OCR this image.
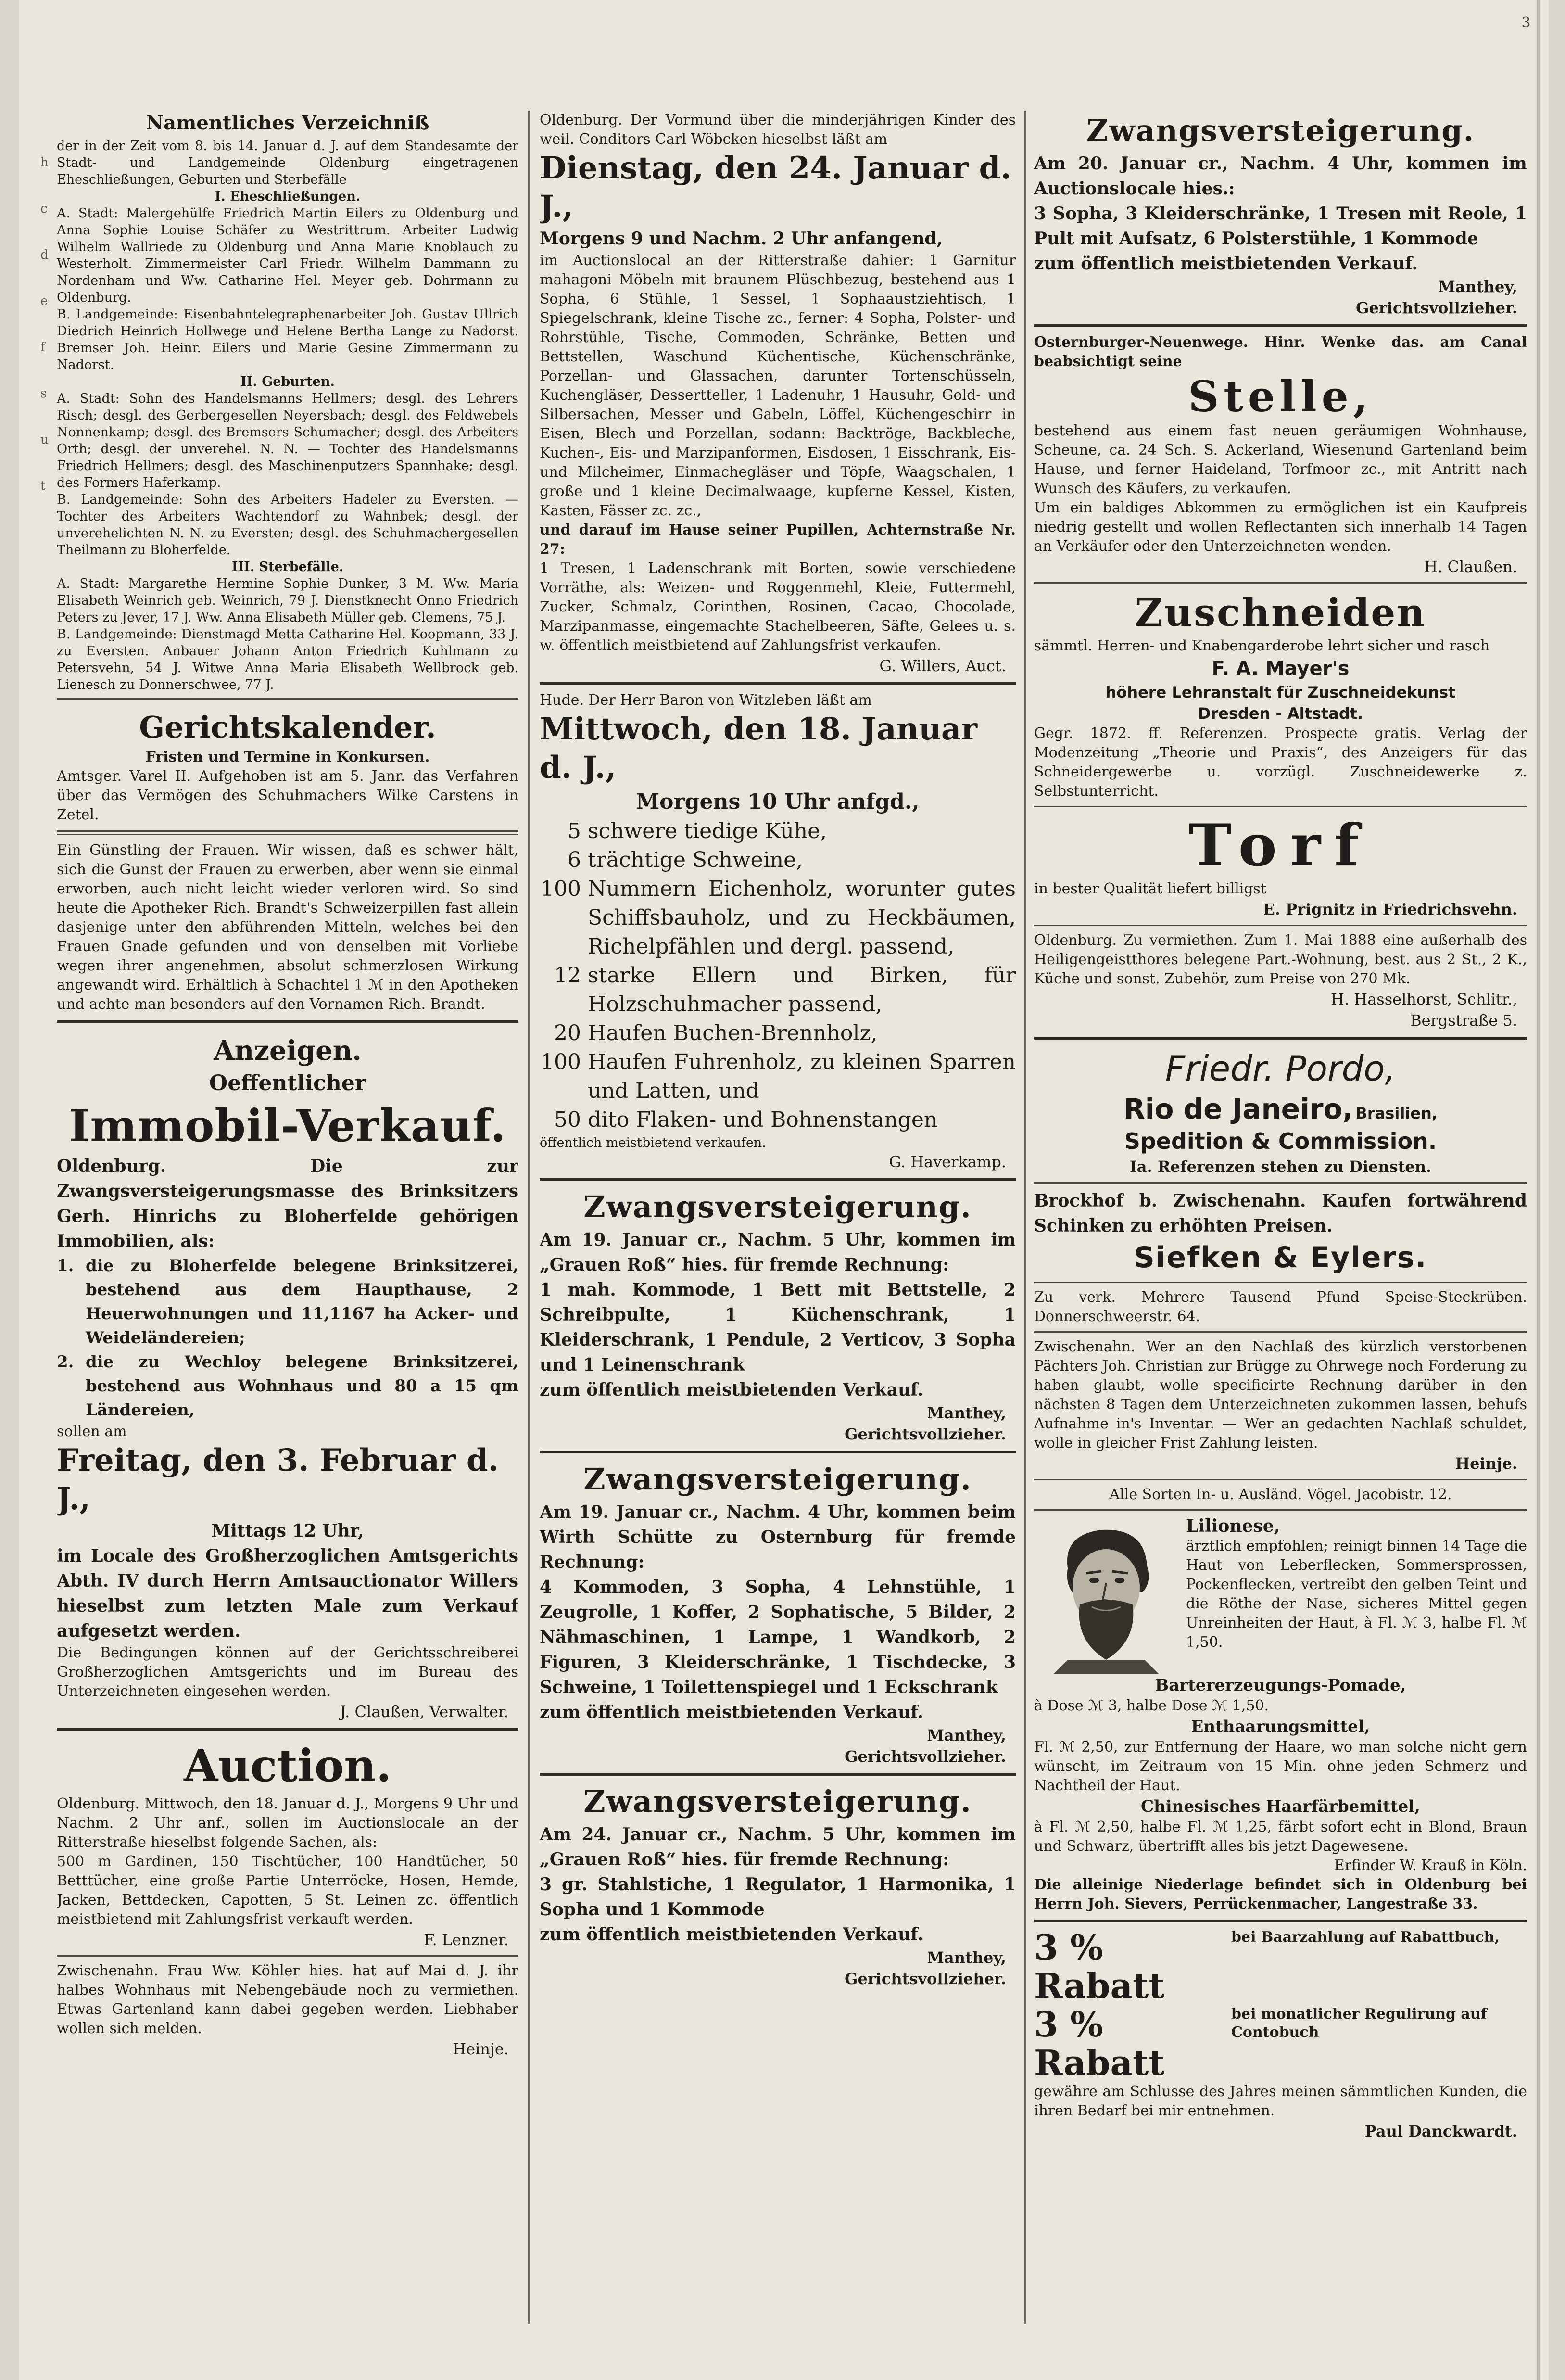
3
h
c
d
e
f
s
u
t
Namentliches Verzeichniß

der in der Zeit vom 8. bis 14. Januar d. J. auf dem Standesamte der Stadt- und Landgemeinde Oldenburg eingetragenen Eheschließungen, Geburten und Sterbefälle

I. Eheschließungen.

A. Stadt: Malergehülfe Friedrich Martin Eilers zu Oldenburg und Anna Sophie Louise Schäfer zu Westrittrum. Arbeiter Ludwig Wilhelm Wallriede zu Oldenburg und Anna Marie Knoblauch zu Westerholt. Zimmermeister Carl Friedr. Wilhelm Dammann zu Nordenham und Ww. Catharine Hel. Meyer geb. Dohrmann zu Oldenburg.

B. Landgemeinde: Eisenbahntelegraphenarbeiter Joh. Gustav Ullrich Diedrich Heinrich Hollwege und Helene Bertha Lange zu Nadorst. Bremser Joh. Heinr. Eilers und Marie Gesine Zimmermann zu Nadorst.

II. Geburten.

A. Stadt: Sohn des Handelsmanns Hellmers; desgl. des Lehrers Risch; desgl. des Gerbergesellen Neyersbach; desgl. des Feldwebels Nonnenkamp; desgl. des Bremsers Schumacher; desgl. des Arbeiters Orth; desgl. der unverehel. N. N. — Tochter des Handelsmanns Friedrich Hellmers; desgl. des Maschinenputzers Spannhake; desgl. des Formers Haferkamp.

B. Landgemeinde: Sohn des Arbeiters Hadeler zu Eversten. — Tochter des Arbeiters Wachtendorf zu Wahnbek; desgl. der unverehelichten N. N. zu Eversten; desgl. des Schuhmachergesellen Theilmann zu Bloherfelde.

III. Sterbefälle.

A. Stadt: Margarethe Hermine Sophie Dunker, 3 M. Ww. Maria Elisabeth Weinrich geb. Weinrich, 79 J. Dienstknecht Onno Friedrich Peters zu Jever, 17 J. Ww. Anna Elisabeth Müller geb. Clemens, 75 J.

B. Landgemeinde: Dienstmagd Metta Catharine Hel. Koopmann, 33 J. zu Eversten. Anbauer Johann Anton Friedrich Kuhlmann zu Petersvehn, 54 J. Witwe Anna Maria Elisabeth Wellbrock geb. Lienesch zu Donnerschwee, 77 J.

Gerichtskalender.

Fristen und Termine in Konkursen.

Amtsger. Varel II. Aufgehoben ist am 5. Janr. das Verfahren über das Vermögen des Schuhmachers Wilke Carstens in Zetel.

Ein Günstling der Frauen. Wir wissen, daß es schwer hält, sich die Gunst der Frauen zu erwerben, aber wenn sie einmal erworben, auch nicht leicht wieder verloren wird. So sind heute die Apotheker Rich. Brandt's Schweizerpillen fast allein dasjenige unter den abführenden Mitteln, welches bei den Frauen Gnade gefunden und von denselben mit Vorliebe wegen ihrer angenehmen, absolut schmerzlosen Wirkung angewandt wird. Erhältlich à Schachtel 1 ℳ in den Apotheken und achte man besonders auf den Vornamen Rich. Brandt.

Anzeigen.
Oeffentlicher
Immobil-Verkauf.

Oldenburg. Die zur Zwangsversteigerungsmasse des Brinksitzers Gerh. Hinrichs zu Bloherfelde gehörigen Immobilien, als:

1. die zu Bloherfelde belegene Brinksitzerei, bestehend aus dem Haupthause, 2 Heuerwohnungen und 11,1167 ha Acker- und Weideländereien;
2. die zu Wechloy belegene Brinksitzerei, bestehend aus Wohnhaus und 80 a 15 qm Ländereien,

sollen am

Freitag, den 3. Februar d. J.,
Mittags 12 Uhr,

im Locale des Großherzoglichen Amtsgerichts Abth. IV durch Herrn Amtsauctionator Willers hieselbst zum letzten Male zum Verkauf aufgesetzt werden.

Die Bedingungen können auf der Gerichtsschreiberei Großherzoglichen Amtsgerichts und im Bureau des Unterzeichneten eingesehen werden.

J. Claußen, Verwalter.
Auction.

Oldenburg. Mittwoch, den 18. Januar d. J., Morgens 9 Uhr und Nachm. 2 Uhr anf., sollen im Auctionslocale an der Ritterstraße hieselbst folgende Sachen, als:

500 m Gardinen, 150 Tischtücher, 100 Handtücher, 50 Betttücher, eine große Partie Unterröcke, Hosen, Hemde, Jacken, Bettdecken, Capotten, 5 St. Leinen zc. öffentlich meistbietend mit Zahlungsfrist verkauft werden.

F. Lenzner.

Zwischenahn. Frau Ww. Köhler hies. hat auf Mai d. J. ihr halbes Wohnhaus mit Nebengebäude noch zu vermiethen. Etwas Gartenland kann dabei gegeben werden. Liebhaber wollen sich melden.

Heinje.

Oldenburg. Der Vormund über die minderjährigen Kinder des weil. Conditors Carl Wöbcken hieselbst läßt am

Dienstag, den 24. Januar d. J.,
Morgens 9 und Nachm. 2 Uhr anfangend,

im Auctionslocal an der Ritterstraße dahier: 1 Garnitur mahagoni Möbeln mit braunem Plüschbezug, bestehend aus 1 Sopha, 6 Stühle, 1 Sessel, 1 Sophaaustziehtisch, 1 Spiegelschrank, kleine Tische zc., ferner: 4 Sopha, Polster- und Rohrstühle, Tische, Commoden, Schränke, Betten und Bettstellen, Waschund Küchentische, Küchenschränke, Porzellan- und Glassachen, darunter Tortenschüsseln, Kuchengläser, Dessertteller, 1 Ladenuhr, 1 Hausuhr, Gold- und Silbersachen, Messer und Gabeln, Löffel, Küchengeschirr in Eisen, Blech und Porzellan, sodann: Backtröge, Backbleche, Kuchen-, Eis- und Marzipanformen, Eisdosen, 1 Eisschrank, Eis- und Milcheimer, Einmachegläser und Töpfe, Waagschalen, 1 große und 1 kleine Decimalwaage, kupferne Kessel, Kisten, Kasten, Fässer zc. zc.,

und darauf im Hause seiner Pupillen, Achternstraße Nr. 27:

1 Tresen, 1 Ladenschrank mit Borten, sowie verschiedene Vorräthe, als: Weizen- und Roggenmehl, Kleie, Futtermehl, Zucker, Schmalz, Corinthen, Rosinen, Cacao, Chocolade, Marzipanmasse, eingemachte Stachelbeeren, Säfte, Gelees u. s. w. öffentlich meistbietend auf Zahlungsfrist verkaufen.

G. Willers, Auct.

Hude. Der Herr Baron von Witzleben läßt am

Mittwoch, den 18. Januar d. J.,
Morgens 10 Uhr anfgd.,
5 schwere tiedige Kühe,
6 trächtige Schweine,
100 Nummern Eichenholz, worunter gutes Schiffsbauholz, und zu Heckbäumen, Richelpfählen und dergl. passend,
12 starke Ellern und Birken, für Holzschuhmacher passend,
20 Haufen Buchen-Brennholz,
100 Haufen Fuhrenholz, zu kleinen Sparren und Latten, und
50 dito Flaken- und Bohnenstangen

öffentlich meistbietend verkaufen.

G. Haverkamp.
Zwangsversteigerung.

Am 19. Januar cr., Nachm. 5 Uhr, kommen im „Grauen Roß“ hies. für fremde Rechnung:

1 mah. Kommode, 1 Bett mit Bettstelle, 2 Schreibpulte, 1 Küchenschrank, 1 Kleiderschrank, 1 Pendule, 2 Verticov, 3 Sopha und 1 Leinenschrank

zum öffentlich meistbietenden Verkauf.

Manthey,
Gerichtsvollzieher.
Zwangsversteigerung.

Am 19. Januar cr., Nachm. 4 Uhr, kommen beim Wirth Schütte zu Osternburg für fremde Rechnung:

4 Kommoden, 3 Sopha, 4 Lehnstühle, 1 Zeugrolle, 1 Koffer, 2 Sophatische, 5 Bilder, 2 Nähmaschinen, 1 Lampe, 1 Wandkorb, 2 Figuren, 3 Kleiderschränke, 1 Tischdecke, 3 Schweine, 1 Toilettenspiegel und 1 Eckschrank

zum öffentlich meistbietenden Verkauf.

Manthey,
Gerichtsvollzieher.
Zwangsversteigerung.

Am 24. Januar cr., Nachm. 5 Uhr, kommen im „Grauen Roß“ hies. für fremde Rechnung:

3 gr. Stahlstiche, 1 Regulator, 1 Harmonika, 1 Sopha und 1 Kommode

zum öffentlich meistbietenden Verkauf.

Manthey,
Gerichtsvollzieher.
Zwangsversteigerung.

Am 20. Januar cr., Nachm. 4 Uhr, kommen im Auctionslocale hies.:

3 Sopha, 3 Kleiderschränke, 1 Tresen mit Reole, 1 Pult mit Aufsatz, 6 Polsterstühle, 1 Kommode

zum öffentlich meistbietenden Verkauf.

Manthey,
Gerichtsvollzieher.

Osternburger-Neuenwege. Hinr. Wenke das. am Canal beabsichtigt seine

Stelle,

bestehend aus einem fast neuen geräumigen Wohnhause, Scheune, ca. 24 Sch. S. Ackerland, Wiesenund Gartenland beim Hause, und ferner Haideland, Torfmoor zc., mit Antritt nach Wunsch des Käufers, zu verkaufen.

Um ein baldiges Abkommen zu ermöglichen ist ein Kaufpreis niedrig gestellt und wollen Reflectanten sich innerhalb 14 Tagen an Verkäufer oder den Unterzeichneten wenden.

H. Claußen.
Zuschneiden

sämmtl. Herren- und Knabengarderobe lehrt sicher und rasch

F. A. Mayer's
höhere Lehranstalt für Zuschneidekunst
Dresden - Altstadt.

Gegr. 1872. ff. Referenzen. Prospecte gratis. Verlag der Modenzeitung „Theorie und Praxis“, des Anzeigers für das Schneidergewerbe u. vorzügl. Zuschneidewerke z. Selbstunterricht.

Torf

in bester Qualität liefert billigst

E. Prignitz in Friedrichsvehn.

Oldenburg. Zu vermiethen. Zum 1. Mai 1888 eine außerhalb des Heiligengeistthores belegene Part.-Wohnung, best. aus 2 St., 2 K., Küche und sonst. Zubehör, zum Preise von 270 Mk.

H. Hasselhorst, Schlitr.,
Bergstraße 5.
Friedr. Pordo,
Rio de Janeiro, Brasilien,
Spedition & Commission.
Ia. Referenzen stehen zu Diensten.

Brockhof b. Zwischenahn. Kaufen fortwährend Schinken zu erhöhten Preisen.

Siefken & Eylers.

Zu verk. Mehrere Tausend Pfund Speise-Steckrüben. Donnerschweerstr. 64.

Zwischenahn. Wer an den Nachlaß des kürzlich verstorbenen Pächters Joh. Christian zur Brügge zu Ohrwege noch Forderung zu haben glaubt, wolle specificirte Rechnung darüber in den nächsten 8 Tagen dem Unterzeichneten zukommen lassen, behufs Aufnahme in's Inventar. — Wer an gedachten Nachlaß schuldet, wolle in gleicher Frist Zahlung leisten.

Heinje.

Alle Sorten In- u. Ausländ. Vögel. Jacobistr. 12.

Lilionese,

ärztlich empfohlen; reinigt binnen 14 Tage die Haut von Leberflecken, Sommersprossen, Pockenflecken, vertreibt den gelben Teint und die Röthe der Nase, sicheres Mittel gegen Unreinheiten der Haut, à Fl. ℳ 3, halbe Fl. ℳ 1,50.

Bartererzeugungs-Pomade,

à Dose ℳ 3, halbe Dose ℳ 1,50.

Enthaarungsmittel,

Fl. ℳ 2,50, zur Entfernung der Haare, wo man solche nicht gern wünscht, im Zeitraum von 15 Min. ohne jeden Schmerz und Nachtheil der Haut.

Chinesisches Haarfärbemittel,

à Fl. ℳ 2,50, halbe Fl. ℳ 1,25, färbt sofort echt in Blond, Braun und Schwarz, übertrifft alles bis jetzt Dagewesene.

Erfinder W. Krauß in Köln.

Die alleinige Niederlage befindet sich in Oldenburg bei Herrn Joh. Sievers, Perrückenmacher, Langestraße 33.

3 % Rabatt
bei Baarzahlung auf Rabattbuch,
3 % Rabatt
bei monatlicher Regulirung auf Contobuch

gewähre am Schlusse des Jahres meinen sämmtlichen Kunden, die ihren Bedarf bei mir entnehmen.

Paul Danckwardt.
